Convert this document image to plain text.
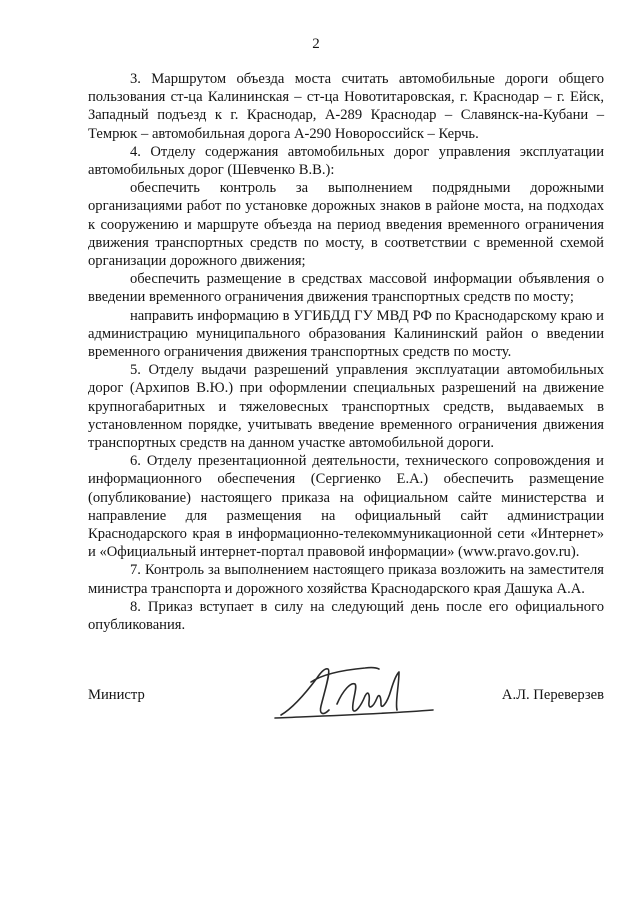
2

3. Маршрутом объезда моста считать автомобильные дороги общего пользования ст-ца Калининская – ст-ца Новотитаровская, г. Краснодар – г. Ейск, Западный подъезд к г. Краснодар, А-289 Краснодар – Славянск-на-Кубани – Темрюк – автомобильная дорога А-290 Новороссийск – Керчь.

4. Отделу содержания автомобильных дорог управления эксплуатации автомобильных дорог (Шевченко В.В.):

обеспечить контроль за выполнением подрядными дорожными организациями работ по установке дорожных знаков в районе моста, на подходах к сооружению и маршруте объезда на период введения временного ограничения движения транспортных средств по мосту, в соответствии с временной схемой организации дорожного движения;

обеспечить размещение в средствах массовой информации объявления о введении временного ограничения движения транспортных средств по мосту;

направить информацию в УГИБДД ГУ МВД РФ по Краснодарскому краю и администрацию муниципального образования Калининский район о введении временного ограничения движения транспортных средств по мосту.

5. Отделу выдачи разрешений управления эксплуатации автомобильных дорог (Архипов В.Ю.) при оформлении специальных разрешений на движение крупногабаритных и тяжеловесных транспортных средств, выдаваемых в установленном порядке, учитывать введение временного ограничения движения транспортных средств на данном участке автомобильной дороги.

6. Отделу презентационной деятельности, технического сопровождения и информационного обеспечения (Сергиенко Е.А.) обеспечить размещение (опубликование) настоящего приказа на официальном сайте министерства и направление для размещения на официальный сайт администрации Краснодарского края в информационно-телекоммуникационной сети «Интернет» и «Официальный интернет-портал правовой информации» (www.pravo.gov.ru).

7. Контроль за выполнением настоящего приказа возложить на заместителя министра транспорта и дорожного хозяйства Краснодарского края Дашука А.А.

8. Приказ вступает в силу на следующий день после его официального опубликования.

Министр	А.Л. Переверзев
